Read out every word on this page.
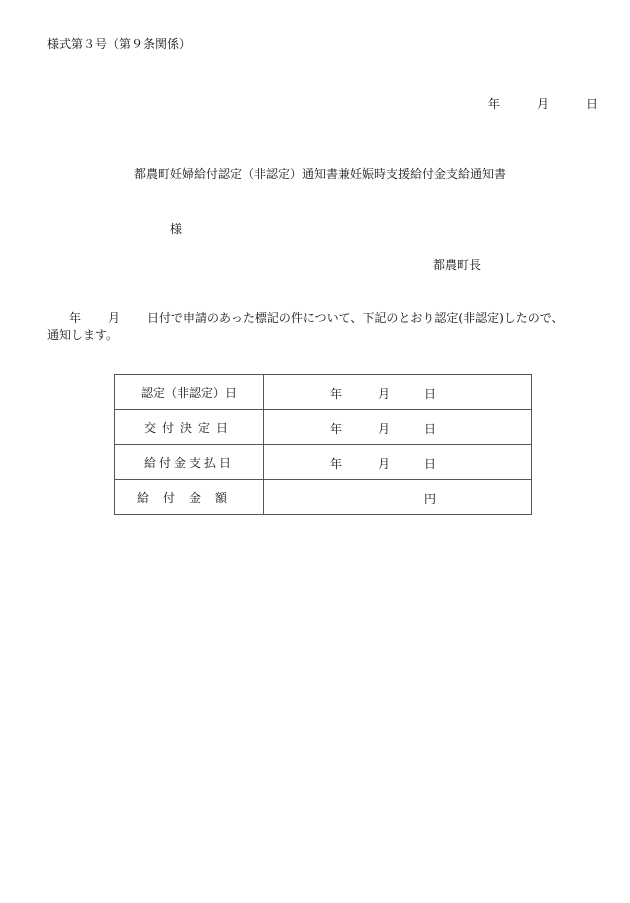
様式第３号（第９条関係）
年	月	日
都農町妊婦給付認定（非認定）通知書兼妊娠時支援給付金支給通知書
様
都農町長
年 月 日付で申請のあった標記の件について、下記のとおり認定(非認定)したので、
通知します。
認定（非認定）日	年 月 日

交付決定日	年 月 日

給付金支払日	年 月 日

給付金額	円
